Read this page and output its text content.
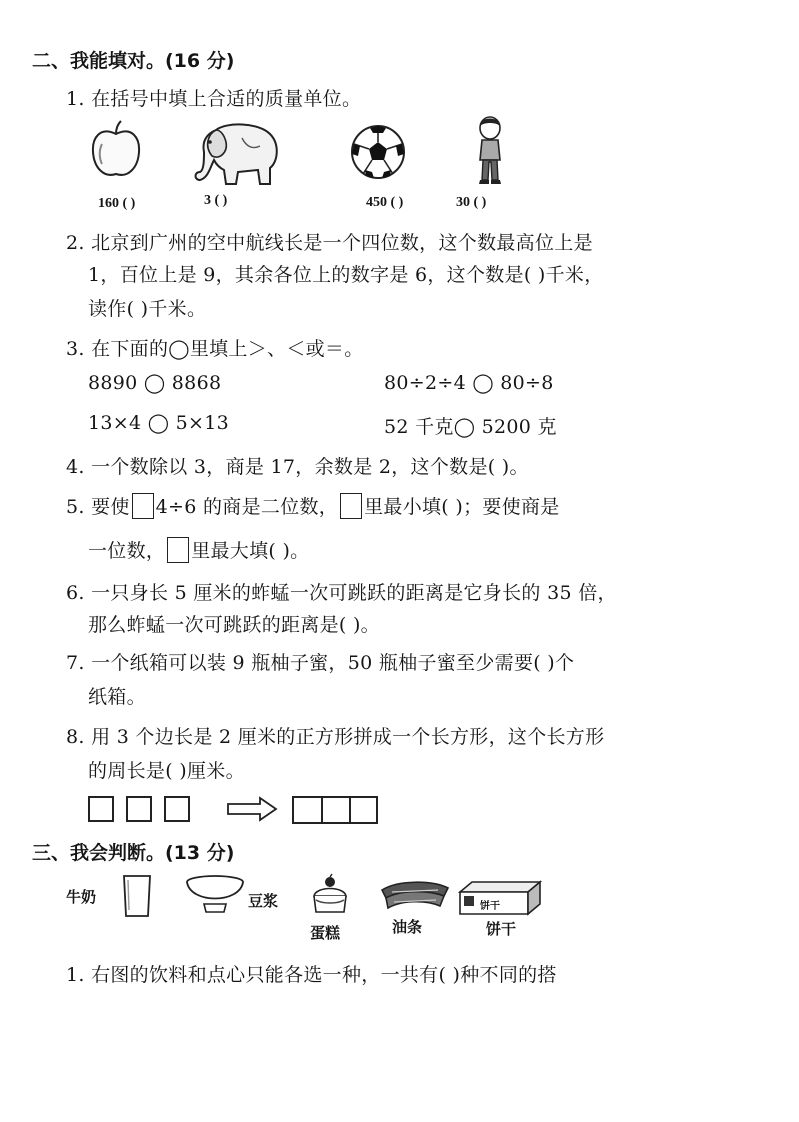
二、我能填对。(16 分)
1. 在括号中填上合适的质量单位。
160 ( )	3 ( )	450 ( )	30 ( )
2. 北京到广州的空中航线长是一个四位数，这个数最高位上是
1，百位上是 9，其余各位上的数字是 6，这个数是( )千米，
读作( )千米。
3. 在下面的◯里填上＞、＜或＝。
8890 ◯ 8868	80÷2÷4 ◯ 80÷8
13×4 ◯ 5×13	52 千克◯ 5200 克
4. 一个数除以 3，商是 17，余数是 2，这个数是( )。
5. 要使 4÷6 的商是二位数， 里最小填( )；要使商是
一位数， 里最大填( )。
6. 一只身长 5 厘米的蚱蜢一次可跳跃的距离是它身长的 35 倍，
那么蚱蜢一次可跳跃的距离是( )。
7. 一个纸箱可以装 9 瓶柚子蜜，50 瓶柚子蜜至少需要( )个
纸箱。
8. 用 3 个边长是 2 厘米的正方形拼成一个长方形，这个长方形
的周长是( )厘米。
三、我会判断。(13 分)
牛奶	豆浆
蛋糕	油条
饼干
饼干
1. 右图的饮料和点心只能各选一种，一共有( )种不同的搭
